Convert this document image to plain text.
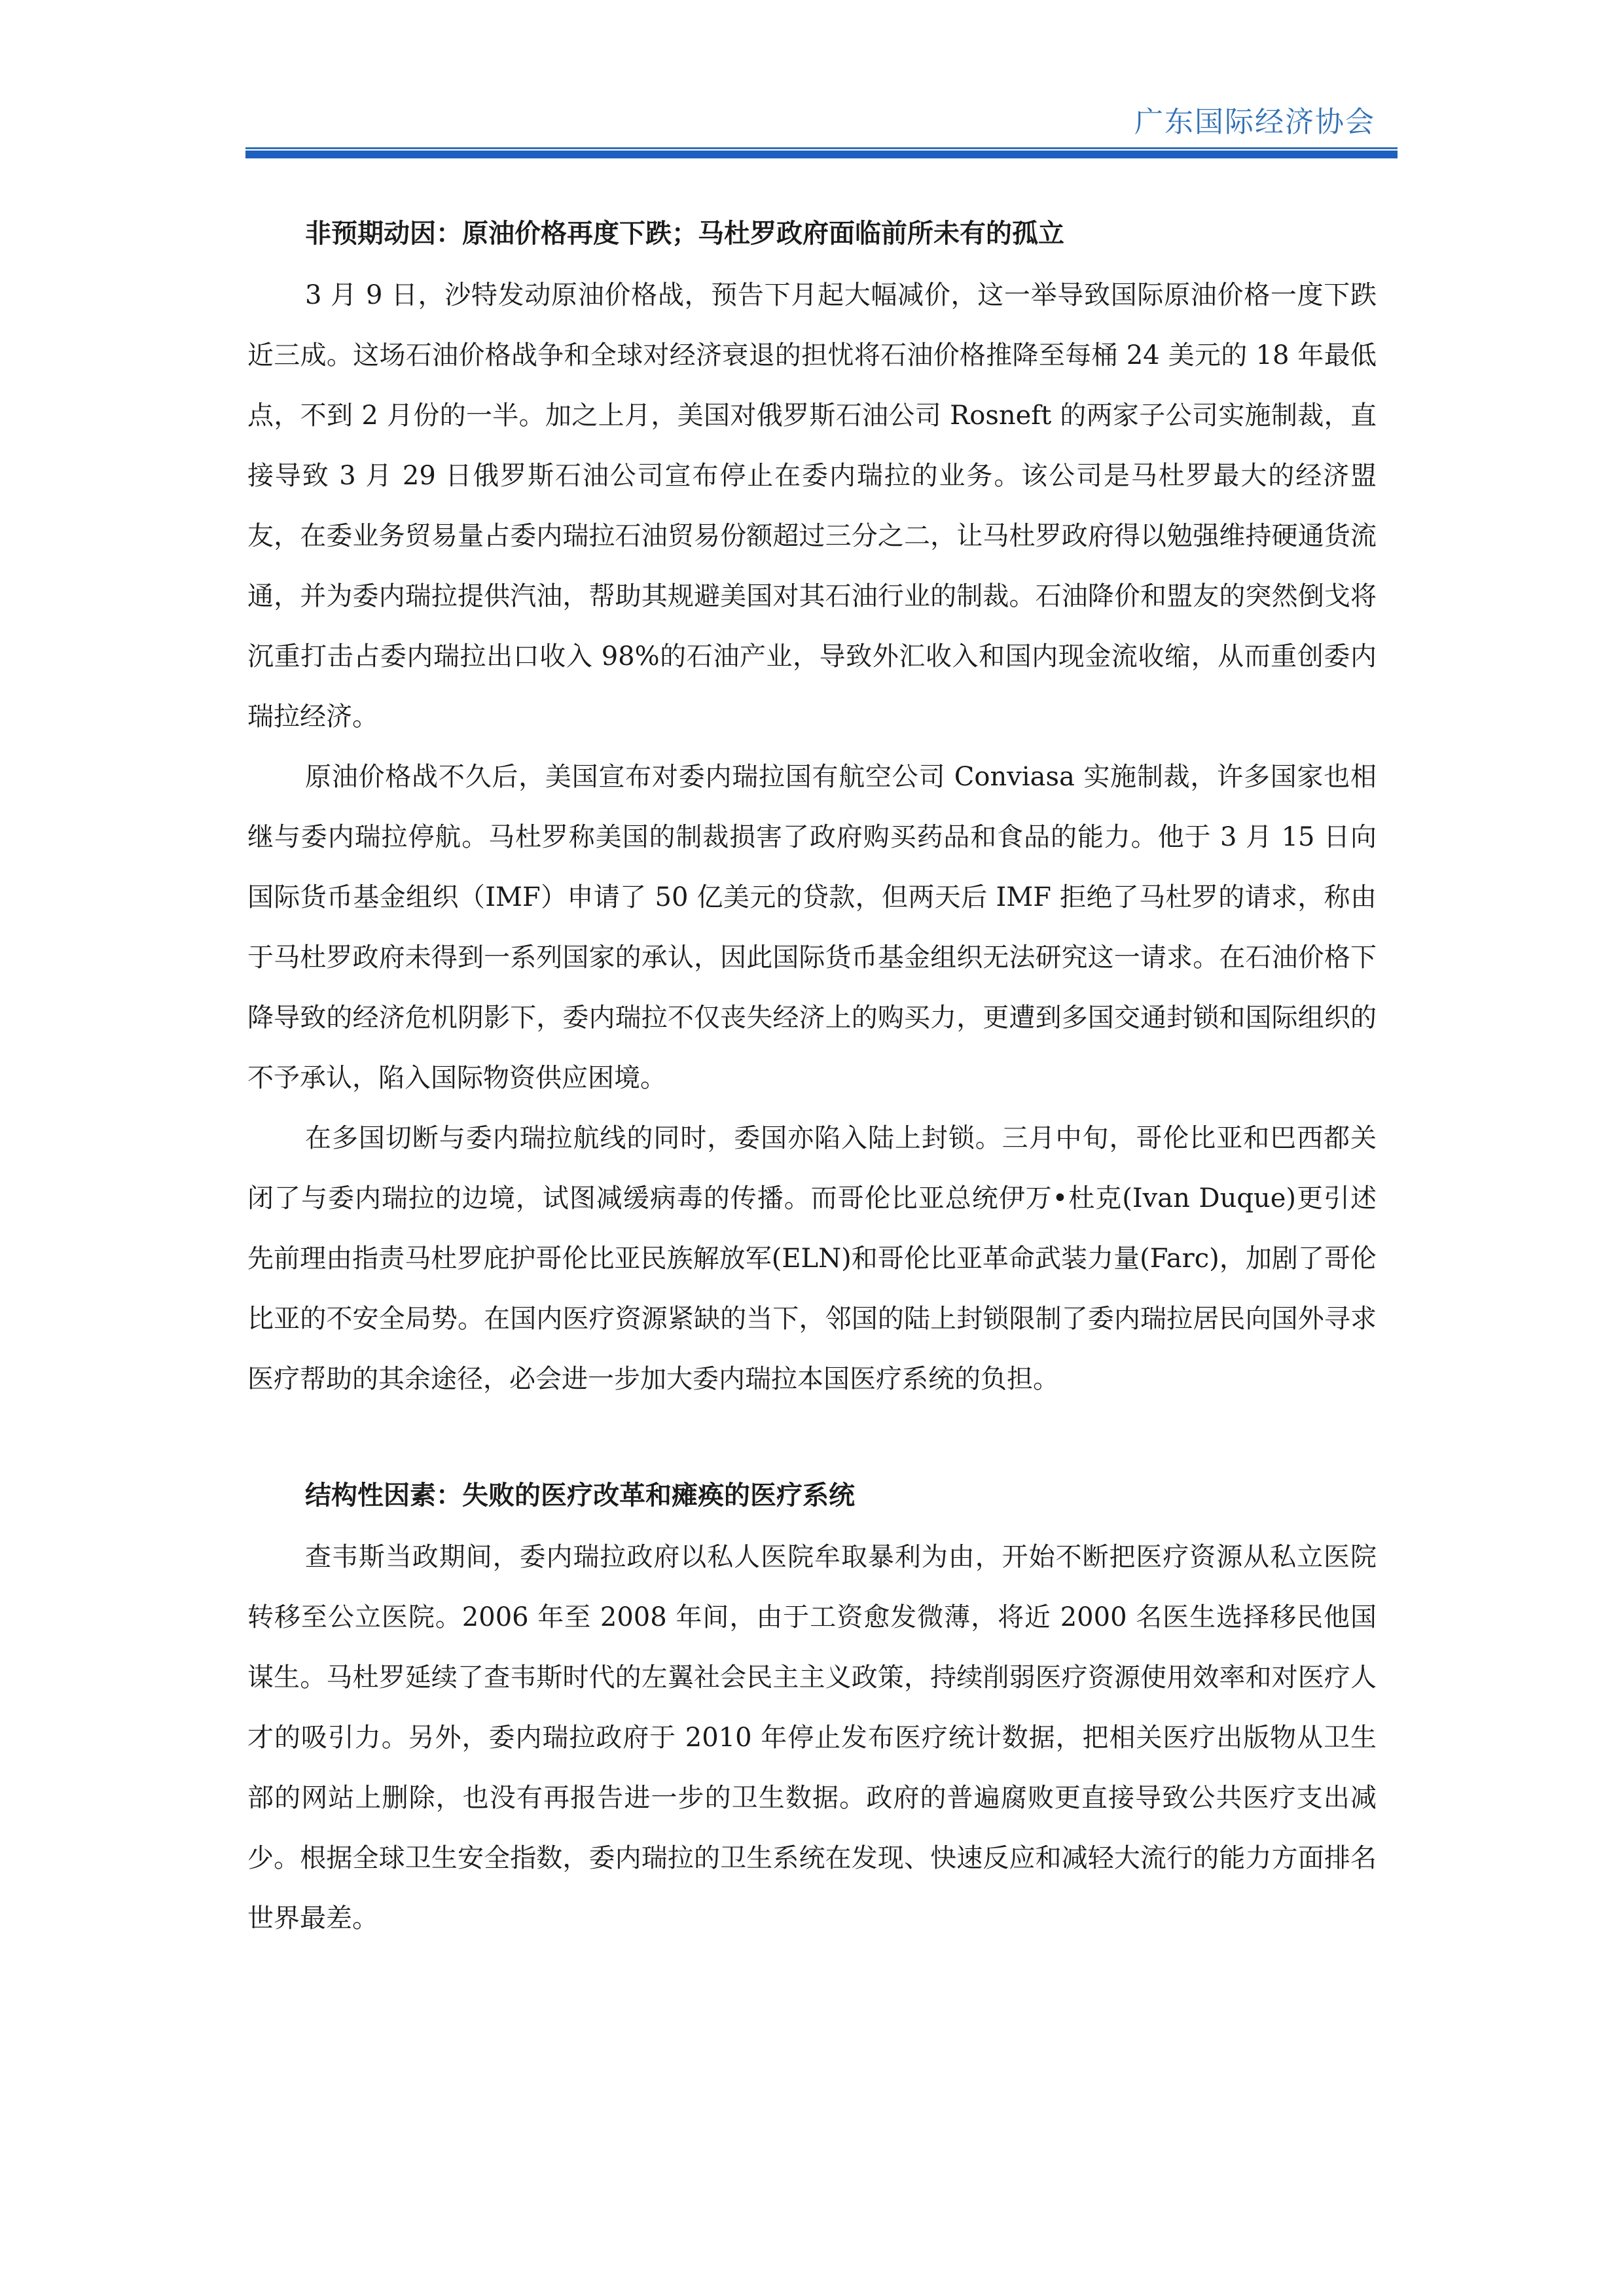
广东国际经济协会
非预期动因：原油价格再度下跌；马杜罗政府面临前所未有的孤立

3 月 9 日，沙特发动原油价格战，预告下月起大幅减价，这一举导致国际原油价格一度下跌近三成。这场石油价格战争和全球对经济衰退的担忧将石油价格推降至每桶 24 美元的 18 年最低点，不到 2 月份的一半。加之上月，美国对俄罗斯石油公司 Rosneft 的两家子公司实施制裁，直接导致 3 月 29 日俄罗斯石油公司宣布停止在委内瑞拉的业务。该公司是马杜罗最大的经济盟友，在委业务贸易量占委内瑞拉石油贸易份额超过三分之二，让马杜罗政府得以勉强维持硬通货流通，并为委内瑞拉提供汽油，帮助其规避美国对其石油行业的制裁。石油降价和盟友的突然倒戈将沉重打击占委内瑞拉出口收入 98%的石油产业，导致外汇收入和国内现金流收缩，从而重创委内瑞拉经济。

原油价格战不久后，美国宣布对委内瑞拉国有航空公司 Conviasa 实施制裁，许多国家也相继与委内瑞拉停航。马杜罗称美国的制裁损害了政府购买药品和食品的能力。他于 3 月 15 日向国际货币基金组织（IMF）申请了 50 亿美元的贷款，但两天后 IMF 拒绝了马杜罗的请求，称由于马杜罗政府未得到一系列国家的承认，因此国际货币基金组织无法研究这一请求。在石油价格下降导致的经济危机阴影下，委内瑞拉不仅丧失经济上的购买力，更遭到多国交通封锁和国际组织的不予承认，陷入国际物资供应困境。

在多国切断与委内瑞拉航线的同时，委国亦陷入陆上封锁。三月中旬，哥伦比亚和巴西都关闭了与委内瑞拉的边境，试图减缓病毒的传播。而哥伦比亚总统伊万•杜克(Ivan Duque)更引述先前理由指责马杜罗庇护哥伦比亚民族解放军(ELN)和哥伦比亚革命武装力量(Farc)，加剧了哥伦比亚的不安全局势。在国内医疗资源紧缺的当下，邻国的陆上封锁限制了委内瑞拉居民向国外寻求医疗帮助的其余途径，必会进一步加大委内瑞拉本国医疗系统的负担。

结构性因素：失败的医疗改革和瘫痪的医疗系统

查韦斯当政期间，委内瑞拉政府以私人医院牟取暴利为由，开始不断把医疗资源从私立医院转移至公立医院。2006 年至 2008 年间，由于工资愈发微薄，将近 2000 名医生选择移民他国谋生。马杜罗延续了查韦斯时代的左翼社会民主主义政策，持续削弱医疗资源使用效率和对医疗人才的吸引力。另外，委内瑞拉政府于 2010 年停止发布医疗统计数据，把相关医疗出版物从卫生部的网站上删除，也没有再报告进一步的卫生数据。政府的普遍腐败更直接导致公共医疗支出减少。根据全球卫生安全指数，委内瑞拉的卫生系统在发现、快速反应和减轻大流行的能力方面排名世界最差。
